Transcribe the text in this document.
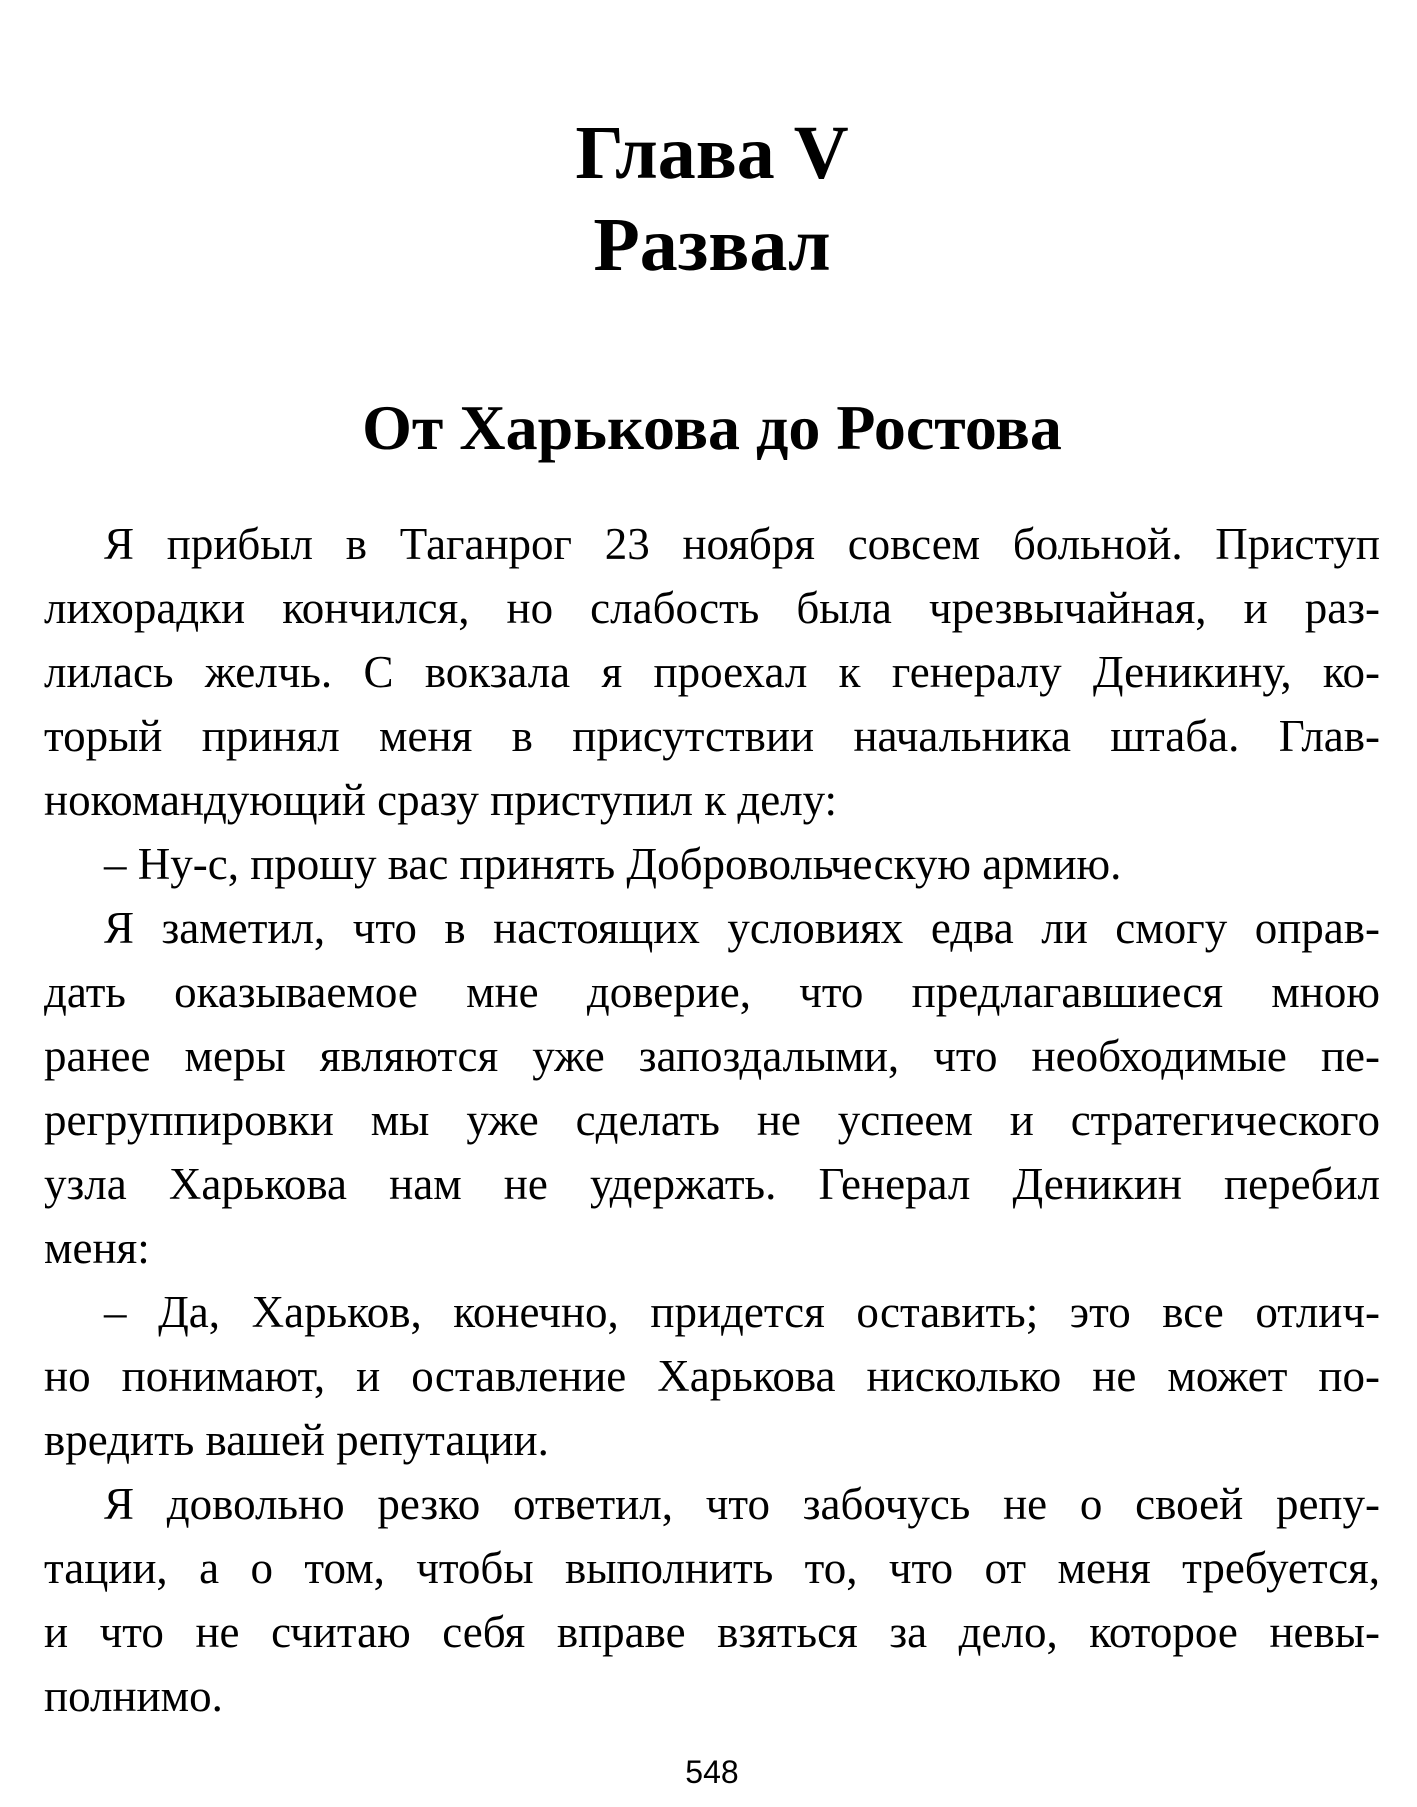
Глава V
Развал
От Харькова до Ростова
Я прибыл в Таганрог 23 ноября совсем больной. Приступ
лихорадки кончился, но слабость была чрезвычайная, и раз-
лилась желчь. С вокзала я проехал к генералу Деникину, ко-
торый принял меня в присутствии начальника штаба. Глав-
нокомандующий сразу приступил к делу:
– Ну-с, прошу вас принять Добровольческую армию.
Я заметил, что в настоящих условиях едва ли смогу оправ-
дать оказываемое мне доверие, что предлагавшиеся мною
ранее меры являются уже запоздалыми, что необходимые пе-
регруппировки мы уже сделать не успеем и стратегического
узла Харькова нам не удержать. Генерал Деникин перебил
меня:
– Да, Харьков, конечно, придется оставить; это все отлич-
но понимают, и оставление Харькова нисколько не может по-
вредить вашей репутации.
Я довольно резко ответил, что забочусь не о своей репу-
тации, а о том, чтобы выполнить то, что от меня требуется,
и что не считаю себя вправе взяться за дело, которое невы-
полнимо.
548
